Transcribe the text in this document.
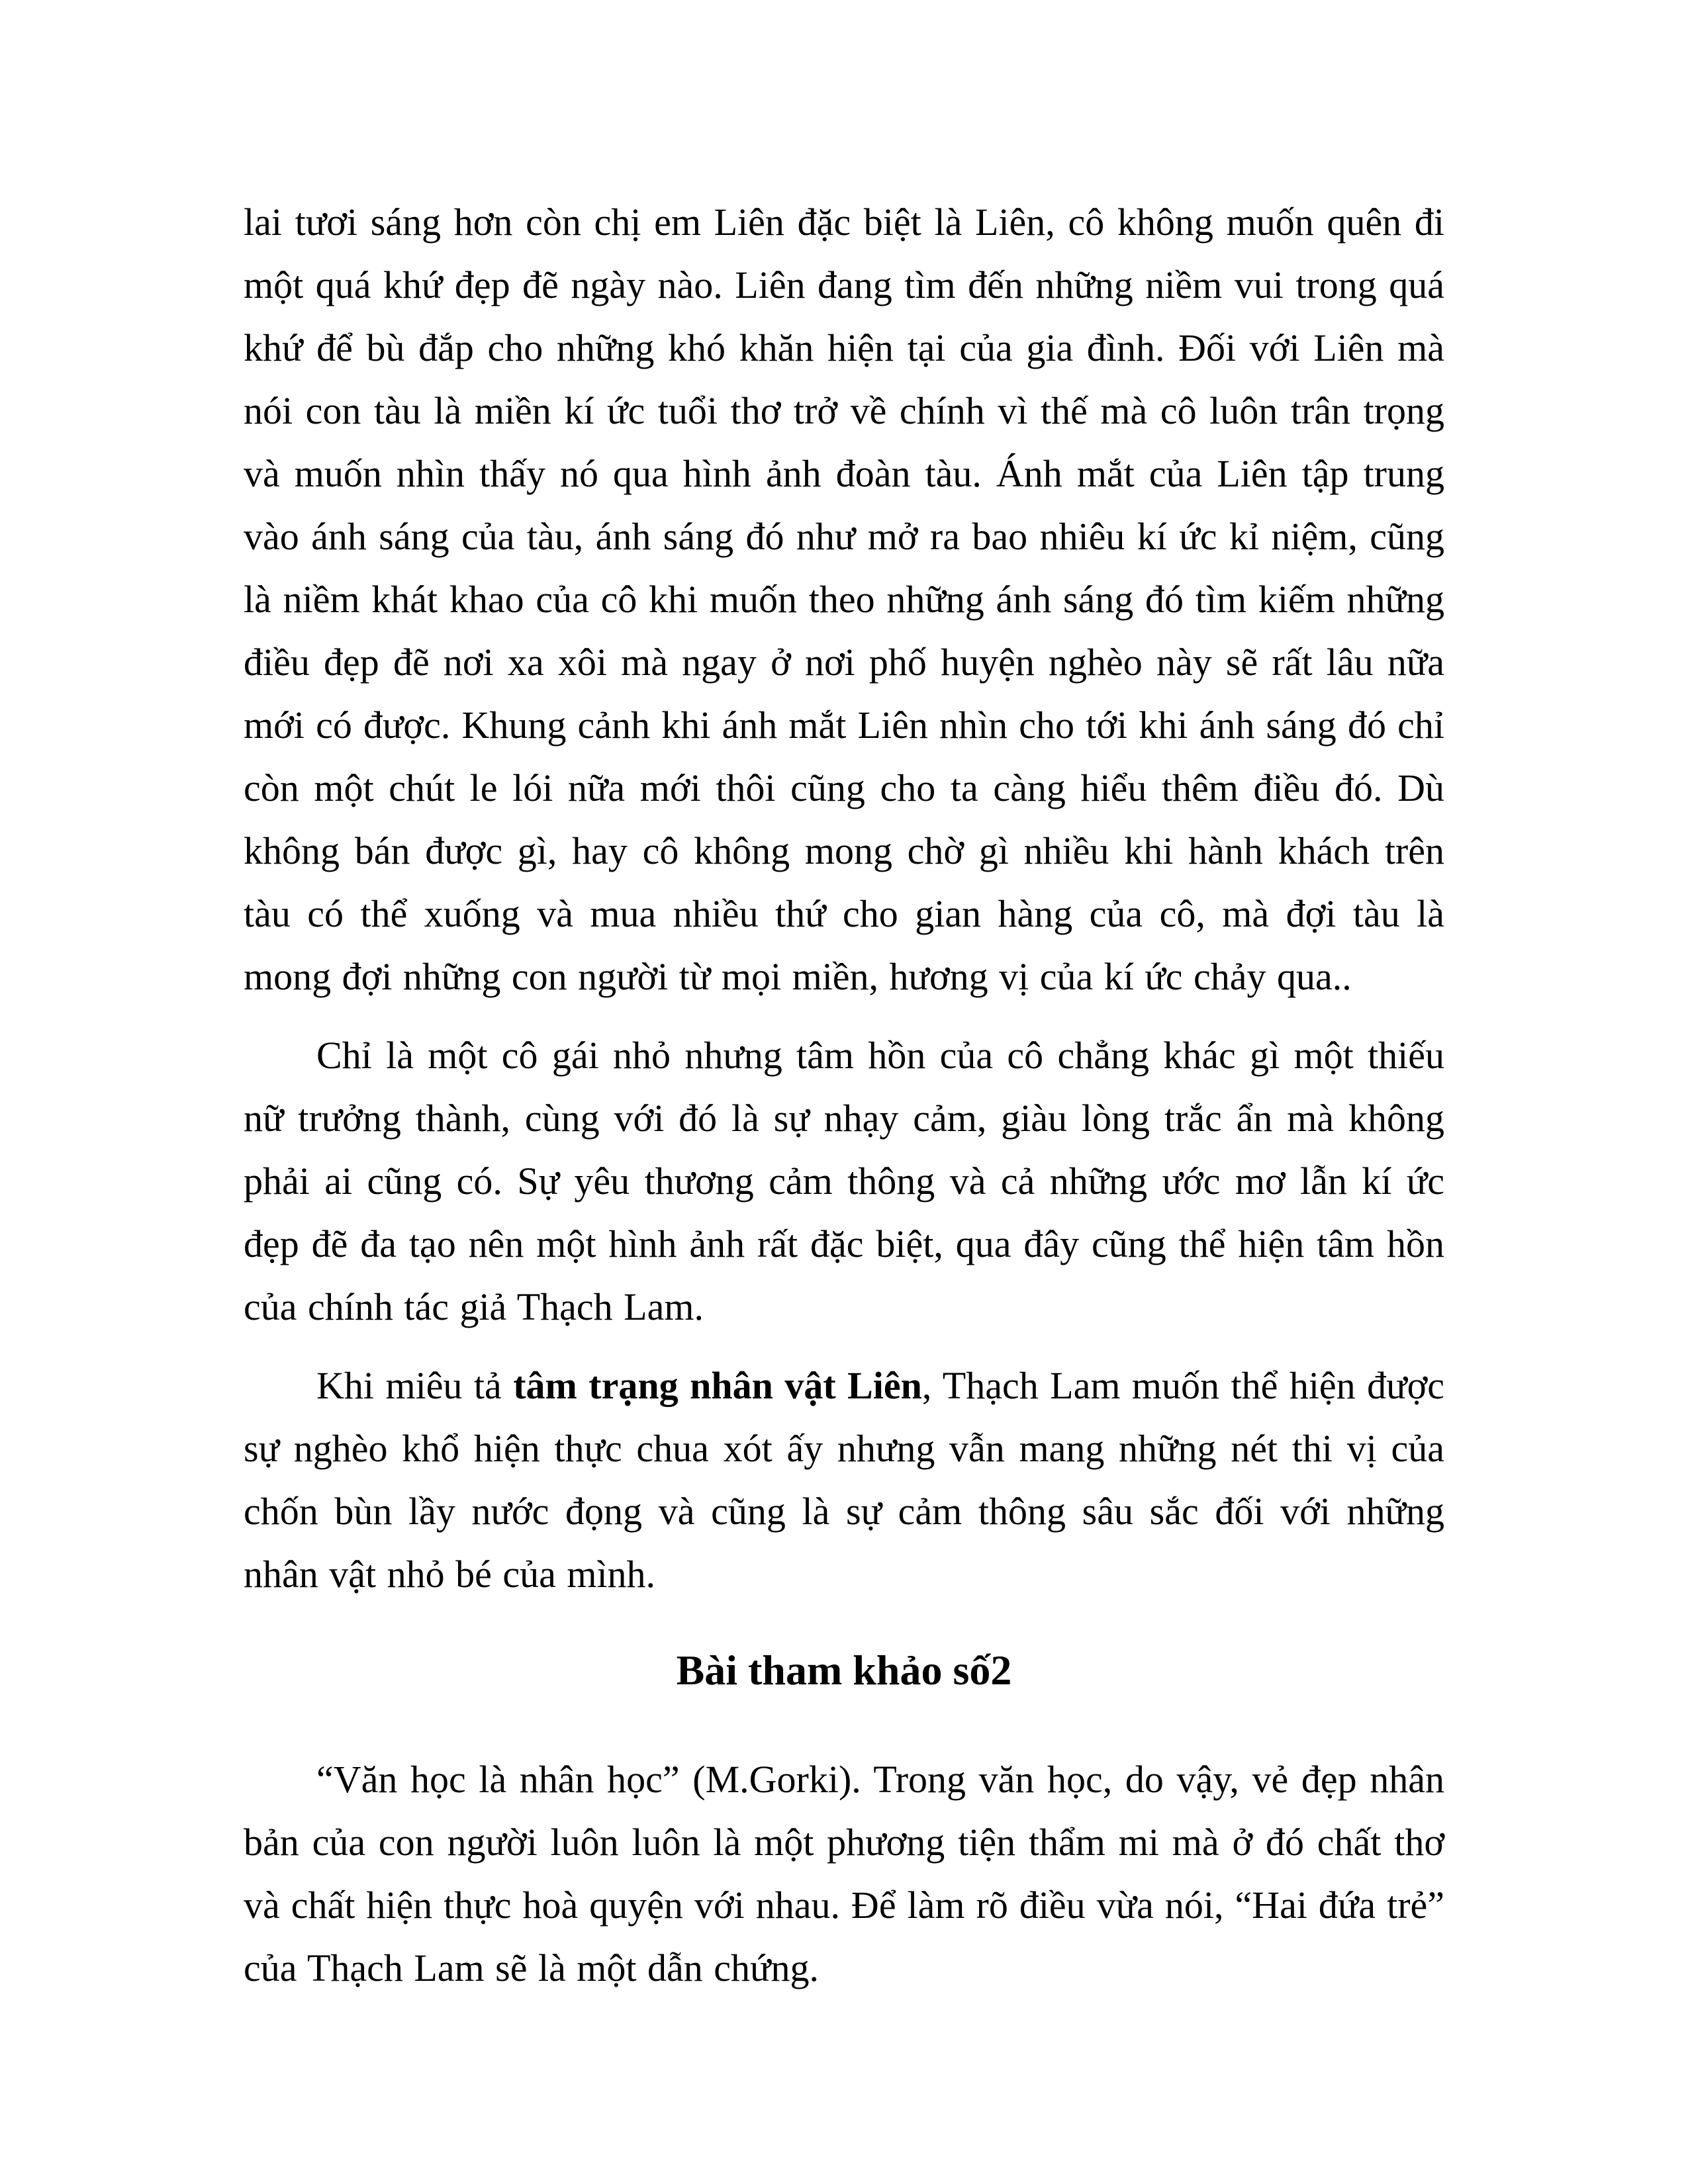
lai tươi sáng hơn còn chị em Liên đặc biệt là Liên, cô không muốn quên đi một quá khứ đẹp đẽ ngày nào. Liên đang tìm đến những niềm vui trong quá khứ để bù đắp cho những khó khăn hiện tại của gia đình. Đối với Liên mà nói con tàu là miền kí ức tuổi thơ trở về chính vì thế mà cô luôn trân trọng và muốn nhìn thấy nó qua hình ảnh đoàn tàu. Ánh mắt của Liên tập trung vào ánh sáng của tàu, ánh sáng đó như mở ra bao nhiêu kí ức kỉ niệm, cũng là niềm khát khao của cô khi muốn theo những ánh sáng đó tìm kiếm những điều đẹp đẽ nơi xa xôi mà ngay ở nơi phố huyện nghèo này sẽ rất lâu nữa mới có được. Khung cảnh khi ánh mắt Liên nhìn cho tới khi ánh sáng đó chỉ còn một chút le lói nữa mới thôi cũng cho ta càng hiểu thêm điều đó. Dù không bán được gì, hay cô không mong chờ gì nhiều khi hành khách trên tàu có thể xuống và mua nhiều thứ cho gian hàng của cô, mà đợi tàu là mong đợi những con người từ mọi miền, hương vị của kí ức chảy qua..

Chỉ là một cô gái nhỏ nhưng tâm hồn của cô chẳng khác gì một thiếu nữ trưởng thành, cùng với đó là sự nhạy cảm, giàu lòng trắc ẩn mà không phải ai cũng có. Sự yêu thương cảm thông và cả những ước mơ lẫn kí ức đẹp đẽ đa tạo nên một hình ảnh rất đặc biệt, qua đây cũng thể hiện tâm hồn của chính tác giả Thạch Lam.

Khi miêu tả tâm trạng nhân vật Liên, Thạch Lam muốn thể hiện được sự nghèo khổ hiện thực chua xót ấy nhưng vẫn mang những nét thi vị của chốn bùn lầy nước đọng và cũng là sự cảm thông sâu sắc đối với những nhân vật nhỏ bé của mình.

Bài tham khảo số2

“Văn học là nhân học” (M.Gorki). Trong văn học, do vậy, vẻ đẹp nhân bản của con người luôn luôn là một phương tiện thẩm mi mà ở đó chất thơ và chất hiện thực hoà quyện với nhau. Để làm rõ điều vừa nói, “Hai đứa trẻ” của Thạch Lam sẽ là một dẫn chứng.
